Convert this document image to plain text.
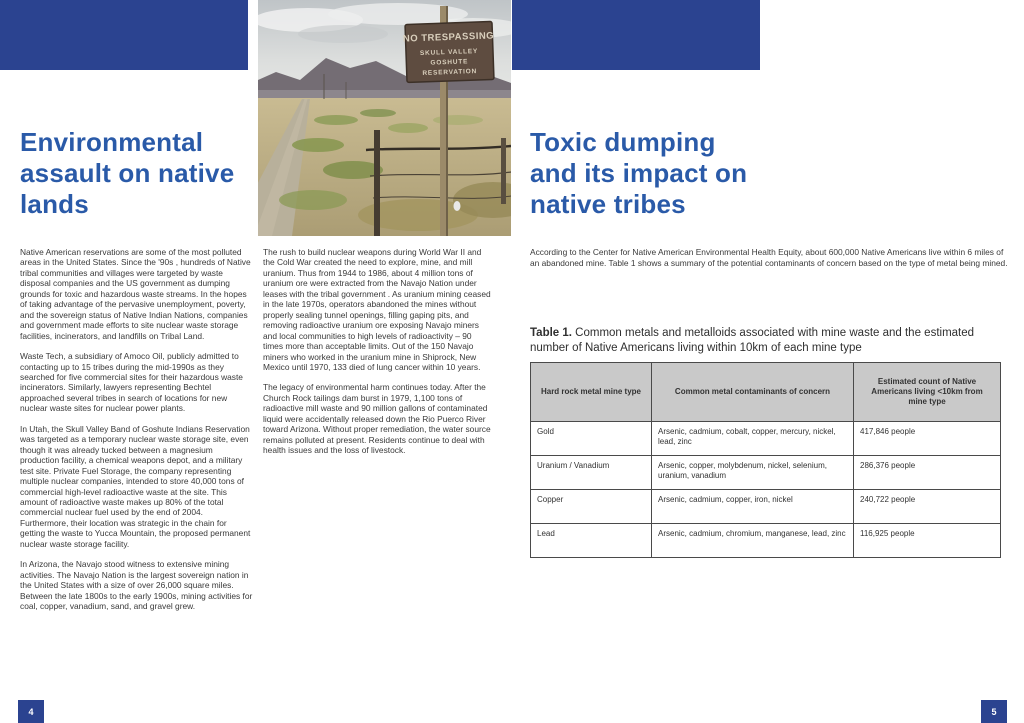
NO TRESPASSING
SKULL VALLEY
GOSHUTE
RESERVATION
Environmental
assault on native
lands

Native American reservations are some of the most polluted areas in the United States. Since the '90s , hundreds of Native tribal communities and villages were targeted by waste disposal companies and the US government as dumping grounds for toxic and hazardous waste streams. In the hopes of taking advantage of the pervasive unemployment, poverty, and the sovereign status of Native Indian Nations, companies and government made efforts to site nuclear waste storage facilities, incinerators, and landfills on Tribal Land.

Waste Tech, a subsidiary of Amoco Oil, publicly admitted to contacting up to 15 tribes during the mid-1990s as they searched for five commercial sites for their hazardous waste incinerators. Similarly, lawyers representing Bechtel approached several tribes in search of locations for new nuclear waste sites for nuclear power plants.

In Utah, the Skull Valley Band of Goshute Indians Reservation was targeted as a temporary nuclear waste storage site, even though it was already tucked between a magnesium production facility, a chemical weapons depot, and a military test site. Private Fuel Storage, the company representing multiple nuclear companies, intended to store 40,000 tons of commercial high-level radioactive waste at the site. This amount of radioactive waste makes up 80% of the total commercial nuclear fuel used by the end of 2004. Furthermore, their location was strategic in the chain for getting the waste to Yucca Mountain, the proposed permanent nuclear waste storage facility.

In Arizona, the Navajo stood witness to extensive mining activities. The Navajo Nation is the largest sovereign nation in the United States with a size of over 26,000 square miles. Between the late 1800s to the early 1900s, mining activities for coal, copper, vanadium, sand, and gravel grew.

The rush to build nuclear weapons during World War II and the Cold War created the need to explore, mine, and mill uranium. Thus from 1944 to 1986, about 4 million tons of uranium ore were extracted from the Navajo Nation under leases with the tribal government . As uranium mining ceased in the late 1970s, operators abandoned the mines without properly sealing tunnel openings, filling gaping pits, and removing radioactive uranium ore exposing Navajo miners and local communities to high levels of radioactivity – 90 times more than acceptable limits. Out of the 150 Navajo miners who worked in the uranium mine in Shiprock, New Mexico until 1970, 133 died of lung cancer within 10 years.

The legacy of environmental harm continues today. After the Church Rock tailings dam burst in 1979, 1,100 tons of radioactive mill waste and 90 million gallons of contaminated liquid were accidentally released down the Rio Puerco River toward Arizona. Without proper remediation, the water source remains polluted at present. Residents continue to deal with health issues and the loss of livestock.

Toxic dumping
and its impact on
native tribes
According to the Center for Native American Environmental Health Equity, about 600,000 Native Americans live within 6 miles of an abandoned mine. Table 1 shows a summary of the potential contaminants of concern based on the type of metal being mined.
Table 1. Common metals and metalloids associated with mine waste and the estimated number of Native Americans living within 10km of each mine type
Hard rock metal mine type	Common metal contaminants of concern	Estimated count of Native Americans living <10km from mine type
Gold	Arsenic, cadmium, cobalt, copper, mercury, nickel, lead, zinc	417,846 people
Uranium / Vanadium	Arsenic, copper, molybdenum, nickel, selenium, uranium, vanadium	286,376 people
Copper	Arsenic, cadmium, copper, iron, nickel	240,722 people
Lead	Arsenic, cadmium, chromium, manganese, lead, zinc	116,925 people
4	5
